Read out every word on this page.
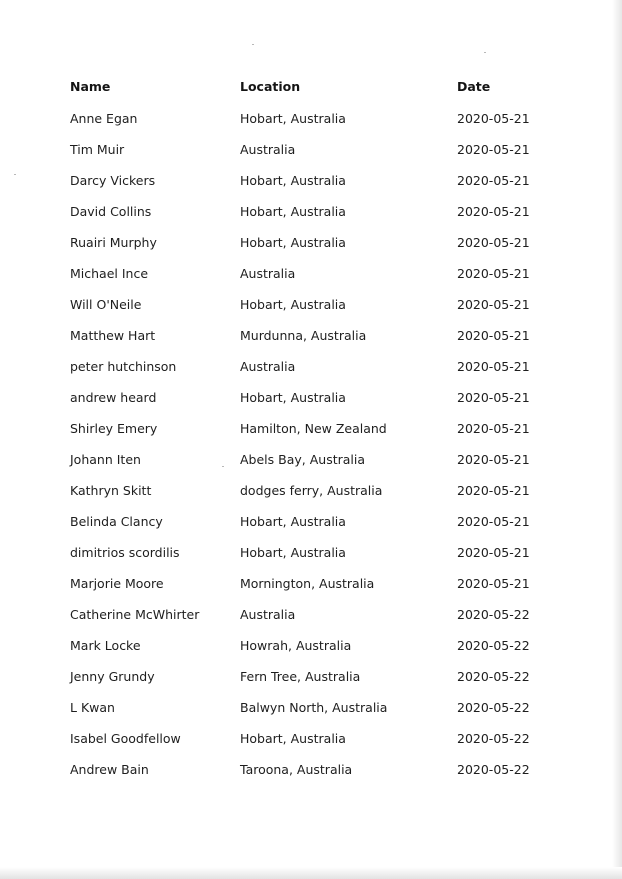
Name	Location	Date
Anne Egan	Hobart, Australia	2020-05-21
Tim Muir	Australia	2020-05-21
Darcy Vickers	Hobart, Australia	2020-05-21
David Collins	Hobart, Australia	2020-05-21
Ruairi Murphy	Hobart, Australia	2020-05-21
Michael Ince	Australia	2020-05-21
Will O'Neile	Hobart, Australia	2020-05-21
Matthew Hart	Murdunna, Australia	2020-05-21
peter hutchinson	Australia	2020-05-21
andrew heard	Hobart, Australia	2020-05-21
Shirley Emery	Hamilton, New Zealand	2020-05-21
Johann Iten	Abels Bay, Australia	2020-05-21
Kathryn Skitt	dodges ferry, Australia	2020-05-21
Belinda Clancy	Hobart, Australia	2020-05-21
dimitrios scordilis	Hobart, Australia	2020-05-21
Marjorie Moore	Mornington, Australia	2020-05-21
Catherine McWhirter	Australia	2020-05-22
Mark Locke	Howrah, Australia	2020-05-22
Jenny Grundy	Fern Tree, Australia	2020-05-22
L Kwan	Balwyn North, Australia	2020-05-22
Isabel Goodfellow	Hobart, Australia	2020-05-22
Andrew Bain	Taroona, Australia	2020-05-22
